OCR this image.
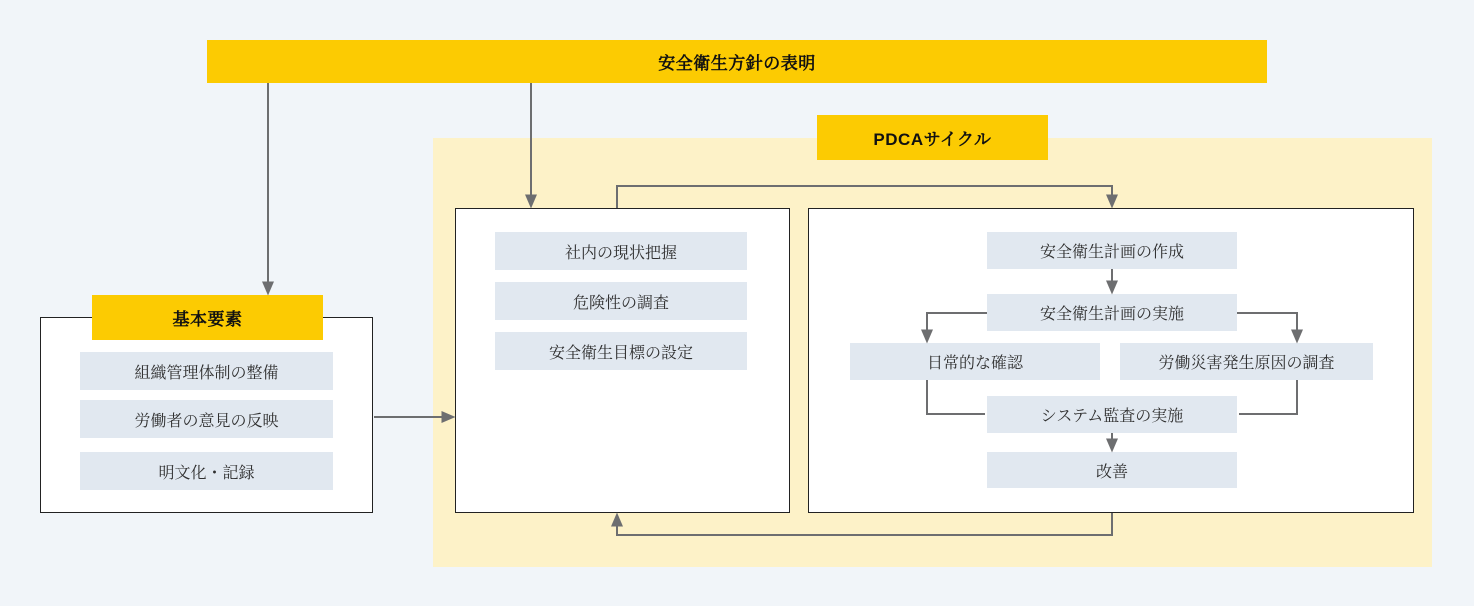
安全衛生方針の表明
PDCAサイクル
基本要素
組織管理体制の整備
労働者の意見の反映
明文化・記録
社内の現状把握
危険性の調査
安全衛生目標の設定
安全衛生計画の作成
安全衛生計画の実施
日常的な確認	労働災害発生原因の調査
システム監査の実施
改善
